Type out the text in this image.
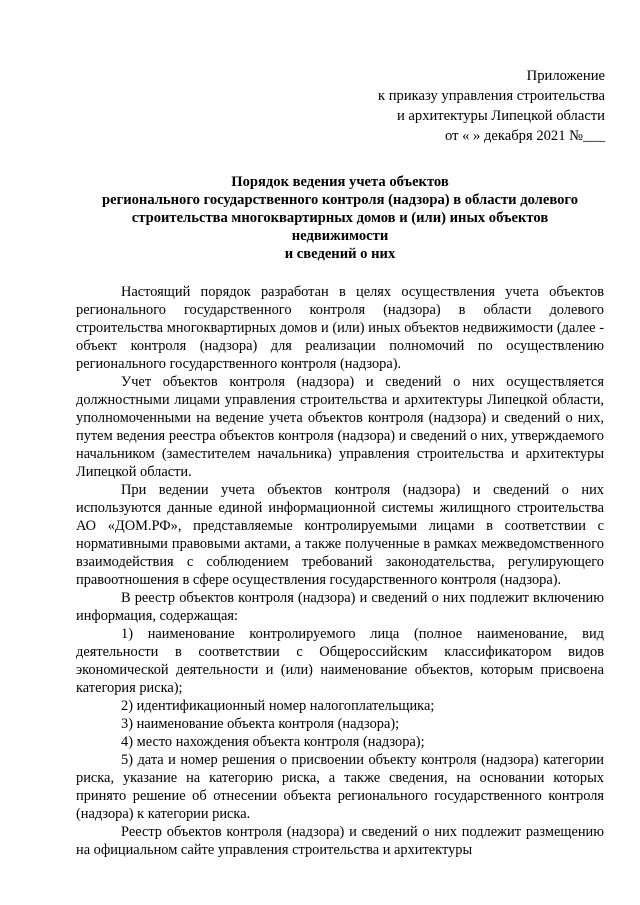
Приложение
к приказу управления строительства
и архитектуры Липецкой области
от « » декабря 2021 №___
Порядок ведения учета объектов
регионального государственного контроля (надзора) в области долевого
строительства многоквартирных домов и (или) иных объектов
недвижимости
и сведений о них

Настоящий порядок разработан в целях осуществления учета объектов регионального государственного контроля (надзора) в области долевого строительства многоквартирных домов и (или) иных объектов недвижимости (далее - объект контроля (надзора) для реализации полномочий по осуществлению регионального государственного контроля (надзора).

Учет объектов контроля (надзора) и сведений о них осуществляется должностными лицами управления строительства и архитектуры Липецкой области, уполномоченными на ведение учета объектов контроля (надзора) и сведений о них, путем ведения реестра объектов контроля (надзора) и сведений о них, утверждаемого начальником (заместителем начальника) управления строительства и архитектуры Липецкой области.

При ведении учета объектов контроля (надзора) и сведений о них используются данные единой информационной системы жилищного строительства АО «ДОМ.РФ», представляемые контролируемыми лицами в соответствии с нормативными правовыми актами, а также полученные в рамках межведомственного взаимодействия с соблюдением требований законодательства, регулирующего правоотношения в сфере осуществления государственного контроля (надзора).

В реестр объектов контроля (надзора) и сведений о них подлежит включению информация, содержащая:

1) наименование контролируемого лица (полное наименование, вид деятельности в соответствии с Общероссийским классификатором видов экономической деятельности и (или) наименование объектов, которым присвоена категория риска);

2) идентификационный номер налогоплательщика;

3) наименование объекта контроля (надзора);

4) место нахождения объекта контроля (надзора);

5) дата и номер решения о присвоении объекту контроля (надзора) категории риска, указание на категорию риска, а также сведения, на основании которых принято решение об отнесении объекта регионального государственного контроля (надзора) к категории риска.

Реестр объектов контроля (надзора) и сведений о них подлежит размещению на официальном сайте управления строительства и архитектуры
